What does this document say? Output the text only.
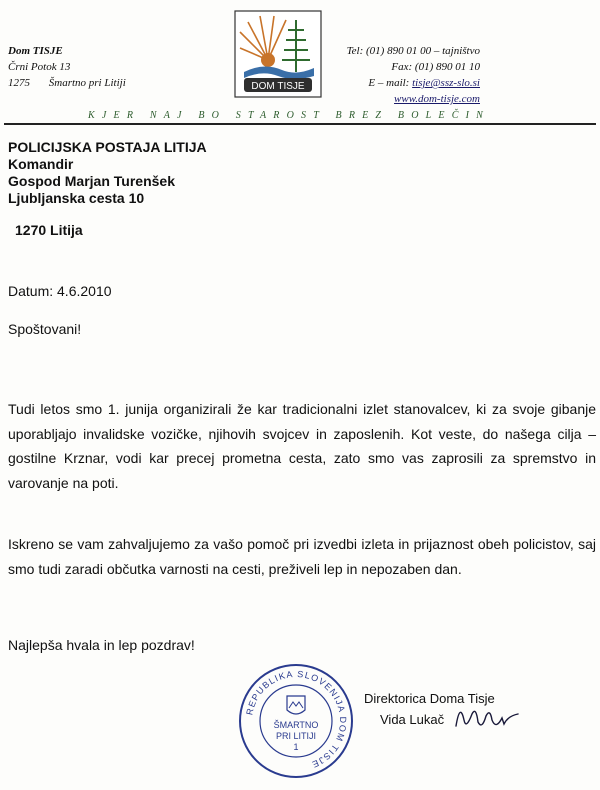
Dom TISJE
Črni Potok 13
1275 Šmartno pri Litiji	DOM TISJE
Tel: (01) 890 01 00 – tajništvo
Fax: (01) 890 01 10
E – mail: tisje@ssz-slo.si
www.dom-tisje.com
KJER NAJ BO STAROST BREZ BOLEČIN
POLICIJSKA POSTAJA LITIJA
Komandir
Gospod Marjan Turenšek
Ljubljanska cesta 10
1270 Litija
Datum: 4.6.2010
Spoštovani!
Tudi letos smo 1. junija organizirali že kar tradicionalni izlet stanovalcev, ki za svoje gibanje uporabljajo invalidske vozičke, njihovih svojcev in zaposlenih. Kot veste, do našega cilja – gostilne Krznar, vodi kar precej prometna cesta, zato smo vas zaprosili za spremstvo in varovanje na poti.
Iskreno se vam zahvaljujemo za vašo pomoč pri izvedbi izleta in prijaznost obeh policistov, saj smo tudi zaradi občutka varnosti na cesti, preživeli lep in nepozaben dan.
Najlepša hvala in lep pozdrav!
REPUBLIKA SLOVENIJA DOM TISJE
ŠMARTNO
PRI LITIJI
1
Direktorica Doma Tisje
Vida Lukač
